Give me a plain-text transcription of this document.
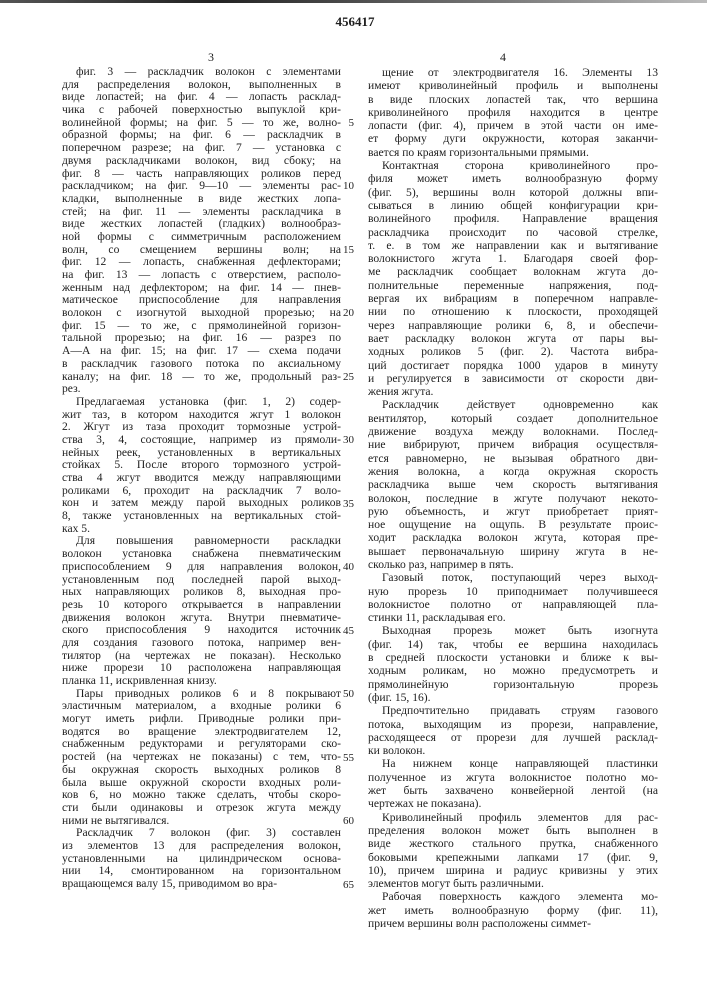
456417
3	4
фиг. 3 — раскладчик волокон с элементами
для распределения волокон, выполненных в
виде лопастей; на фиг. 4 — лопасть расклад-
чика с рабочей поверхностью выпуклой кри-
волинейной формы; на фиг. 5 — то же, волно-
образной формы; на фиг. 6 — раскладчик в
поперечном разрезе; на фиг. 7 — установка с
двумя раскладчиками волокон, вид сбоку; на
фиг. 8 — часть направляющих роликов перед
раскладчиком; на фиг. 9—10 — элементы рас-
кладки, выполненные в виде жестких лопа-
стей; на фиг. 11 — элементы раскладчика в
виде жестких лопастей (гладких) волнообраз-
ной формы с симметричным расположением
волн, со смещением вершины волн; на
фиг. 12 — лопасть, снабженная дефлекторами;
на фиг. 13 — лопасть с отверстием, располо-
женным над дефлектором; на фиг. 14 — пнев-
матическое приспособление для направления
волокон с изогнутой выходной прорезью; на
фиг. 15 — то же, с прямолинейной горизон-
тальной прорезью; на фиг. 16 — разрез по
А—А на фиг. 15; на фиг. 17 — схема подачи
в раскладчик газового потока по аксиальному
каналу; на фиг. 18 — то же, продольный раз-
рез.
Предлагаемая установка (фиг. 1, 2) содер-
жит таз, в котором находится жгут 1 волокон
2. Жгут из таза проходит тормозные устрой-
ства 3, 4, состоящие, например из прямоли-
нейных реек, установленных в вертикальных
стойках 5. После второго тормозного устрой-
ства 4 жгут вводится между направляющими
роликами 6, проходит на раскладчик 7 воло-
кон и затем между парой выходных роликов
8, также установленных на вертикальных стой-
ках 5.
Для повышения равномерности раскладки
волокон установка снабжена пневматическим
приспособлением 9 для направления волокон,
установленным под последней парой выход-
ных направляющих роликов 8, выходная про-
резь 10 которого открывается в направлении
движения волокон жгута. Внутри пневматиче-
ского приспособления 9 находится источник
для создания газового потока, например вен-
тилятор (на чертежах не показан). Несколько
ниже прорези 10 расположена направляющая
планка 11, искривленная книзу.
Пары приводных роликов 6 и 8 покрывают
эластичным материалом, а входные ролики 6
могут иметь рифли. Приводные ролики при-
водятся во вращение электродвигателем 12,
снабженным редукторами и регуляторами ско-
ростей (на чертежах не показаны) с тем, что-
бы окружная скорость выходных роликов 8
была выше окружной скорости входных роли-
ков 6, но можно также сделать, чтобы скоро-
сти были одинаковы и отрезок жгута между
ними не вытягивался.
Раскладчик 7 волокон (фиг. 3) составлен
из элементов 13 для распределения волокон,
установленными на цилиндрическом основа-
нии 14, смонтированном на горизонтальном
вращающемся валу 15, приводимом во вра-
5
10
15
20
25
30
35
40
45
50
55
60
65
щение от электродвигателя 16. Элементы 13
имеют криволинейный профиль и выполнены
в виде плоских лопастей так, что вершина
криволинейного профиля находится в центре
лопасти (фиг. 4), причем в этой части он име-
ет форму дуги окружности, которая заканчи-
вается по краям горизонтальными прямыми.
Контактная сторона криволинейного про-
филя может иметь волнообразную форму
(фиг. 5), вершины волн которой должны впи-
сываться в линию общей конфигурации кри-
волинейного профиля. Направление вращения
раскладчика происходит по часовой стрелке,
т. е. в том же направлении как и вытягивание
волокнистого жгута 1. Благодаря своей фор-
ме раскладчик сообщает волокнам жгута до-
полнительные переменные напряжения, под-
вергая их вибрациям в поперечном направле-
нии по отношению к плоскости, проходящей
через направляющие ролики 6, 8, и обеспечи-
вает раскладку волокон жгута от пары вы-
ходных роликов 5 (фиг. 2). Частота вибра-
ций достигает порядка 1000 ударов в минуту
и регулируется в зависимости от скорости дви-
жения жгута.
Раскладчик действует одновременно как
вентилятор, который создает дополнительное
движение воздуха между волокнами. Послед-
ние вибрируют, причем вибрация осуществля-
ется равномерно, не вызывая обратного дви-
жения волокна, а когда окружная скорость
раскладчика выше чем скорость вытягивания
волокон, последние в жгуте получают некото-
рую объемность, и жгут приобретает прият-
ное ощущение на ощупь. В результате проис-
ходит раскладка волокон жгута, которая пре-
вышает первоначальную ширину жгута в не-
сколько раз, например в пять.
Газовый поток, поступающий через выход-
ную прорезь 10 приподнимает получившееся
волокнистое полотно от направляющей пла-
стинки 11, раскладывая его.
Выходная прорезь может быть изогнута
(фиг. 14) так, чтобы ее вершина находилась
в средней плоскости установки и ближе к вы-
ходным роликам, но можно предусмотреть и
прямолинейную горизонтальную прорезь
(фиг. 15, 16).
Предпочтительно придавать струям газового
потока, выходящим из прорези, направление,
расходящееся от прорези для лучшей расклад-
ки волокон.
На нижнем конце направляющей пластинки
полученное из жгута волокнистое полотно мо-
жет быть захвачено конвейерной лентой (на
чертежах не показана).
Криволинейный профиль элементов для рас-
пределения волокон может быть выполнен в
виде жесткого стального прутка, снабженного
боковыми крепежными лапками 17 (фиг. 9,
10), причем ширина и радиус кривизны у этих
элементов могут быть различными.
Рабочая поверхность каждого элемента мо-
жет иметь волнообразную форму (фиг. 11),
причем вершины волн расположены симмет-
